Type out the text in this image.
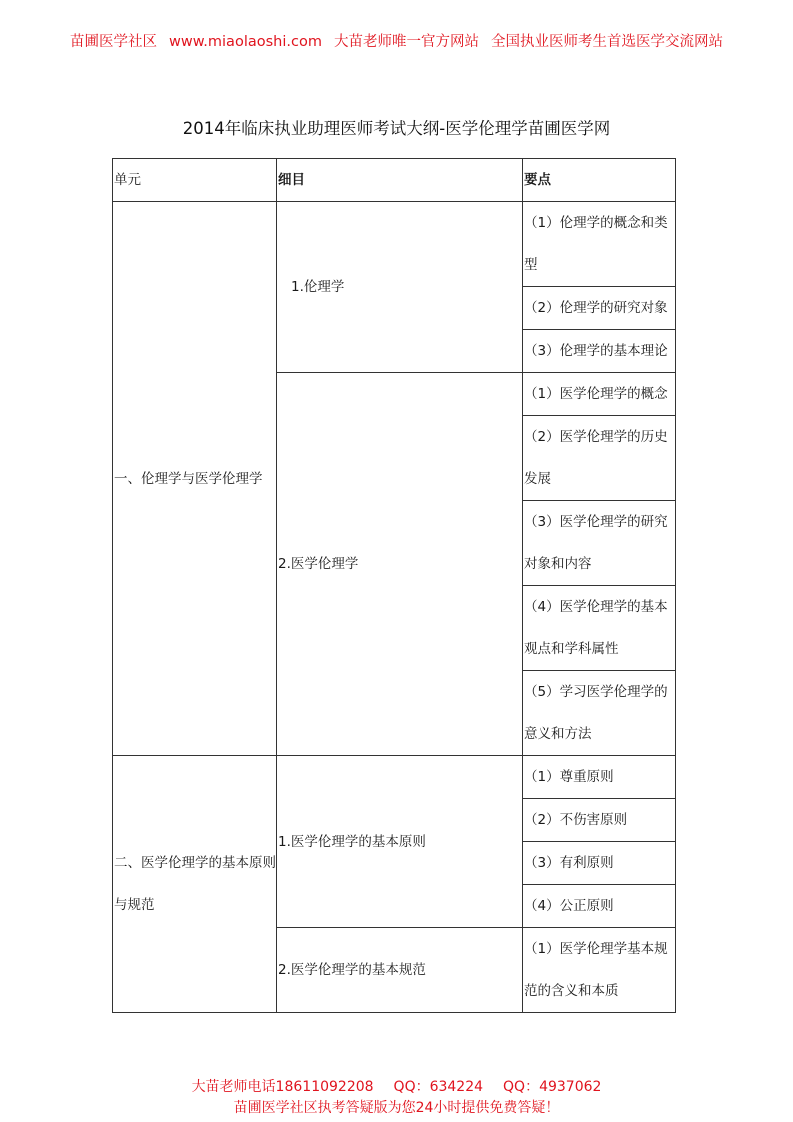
苗圃医学社区 www.miaolaoshi.com 大苗老师唯一官方网站 全国执业医师考生首选医学交流网站
2014年临床执业助理医师考试大纲-医学伦理学苗圃医学网
单元	细目	要点
一、伦理学与医学伦理学	1.伦理学	（1）伦理学的概念和类型
		（2）伦理学的研究对象
		（3）伦理学的基本理论
	2.医学伦理学	（1）医学伦理学的概念
		（2）医学伦理学的历史发展
		（3）医学伦理学的研究对象和内容
		（4）医学伦理学的基本观点和学科属性
		（5）学习医学伦理学的意义和方法
二、医学伦理学的基本原则与规范	1.医学伦理学的基本原则	（1）尊重原则
		（2）不伤害原则
		（3）有利原则
		（4）公正原则
	2.医学伦理学的基本规范	（1）医学伦理学基本规范的含义和本质
大苗老师电话18611092208 QQ：634224 QQ：4937062
苗圃医学社区执考答疑版为您24小时提供免费答疑！
